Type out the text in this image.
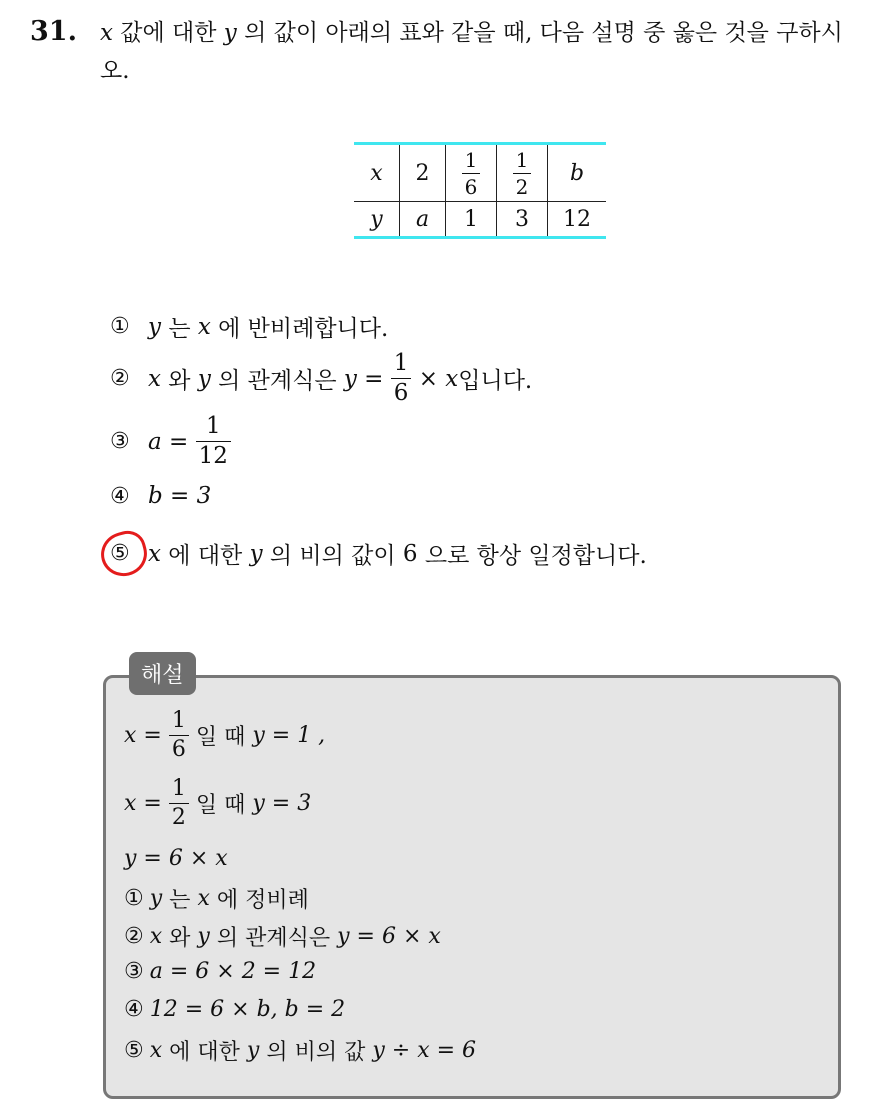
31. x 값에 대한 y 의 값이 아래의 표와 같을 때, 다음 설명 중 옳은 것을 구하시오.
x	2	$\frac{1}{6}$	$\frac{1}{2}$	b
y	a	1	3	12
① y
는
x
에 반비례합니다.
② x
와
y
의 관계식은
y =
$\frac{1}{6}$
× x 입니다.
③ a
=
$\frac{1}{12}$
④ b = 3
⑤ x
에 대한
y
의 비의 값이
6
으로 항상 일정합니다.
해설
x =
$\frac{1}{6}$
일 때
y = 1 ,
x =
$\frac{1}{2}$
일 때
y = 3
y = 6 × x
① y
는
x
에 정비례
② x
와
y
의 관계식은
y = 6 × x
③ a = 6 × 2 = 12
④ 12 = 6 × b, b = 2
⑤ x
에 대한
y
의 비의 값
y ÷ x = 6
